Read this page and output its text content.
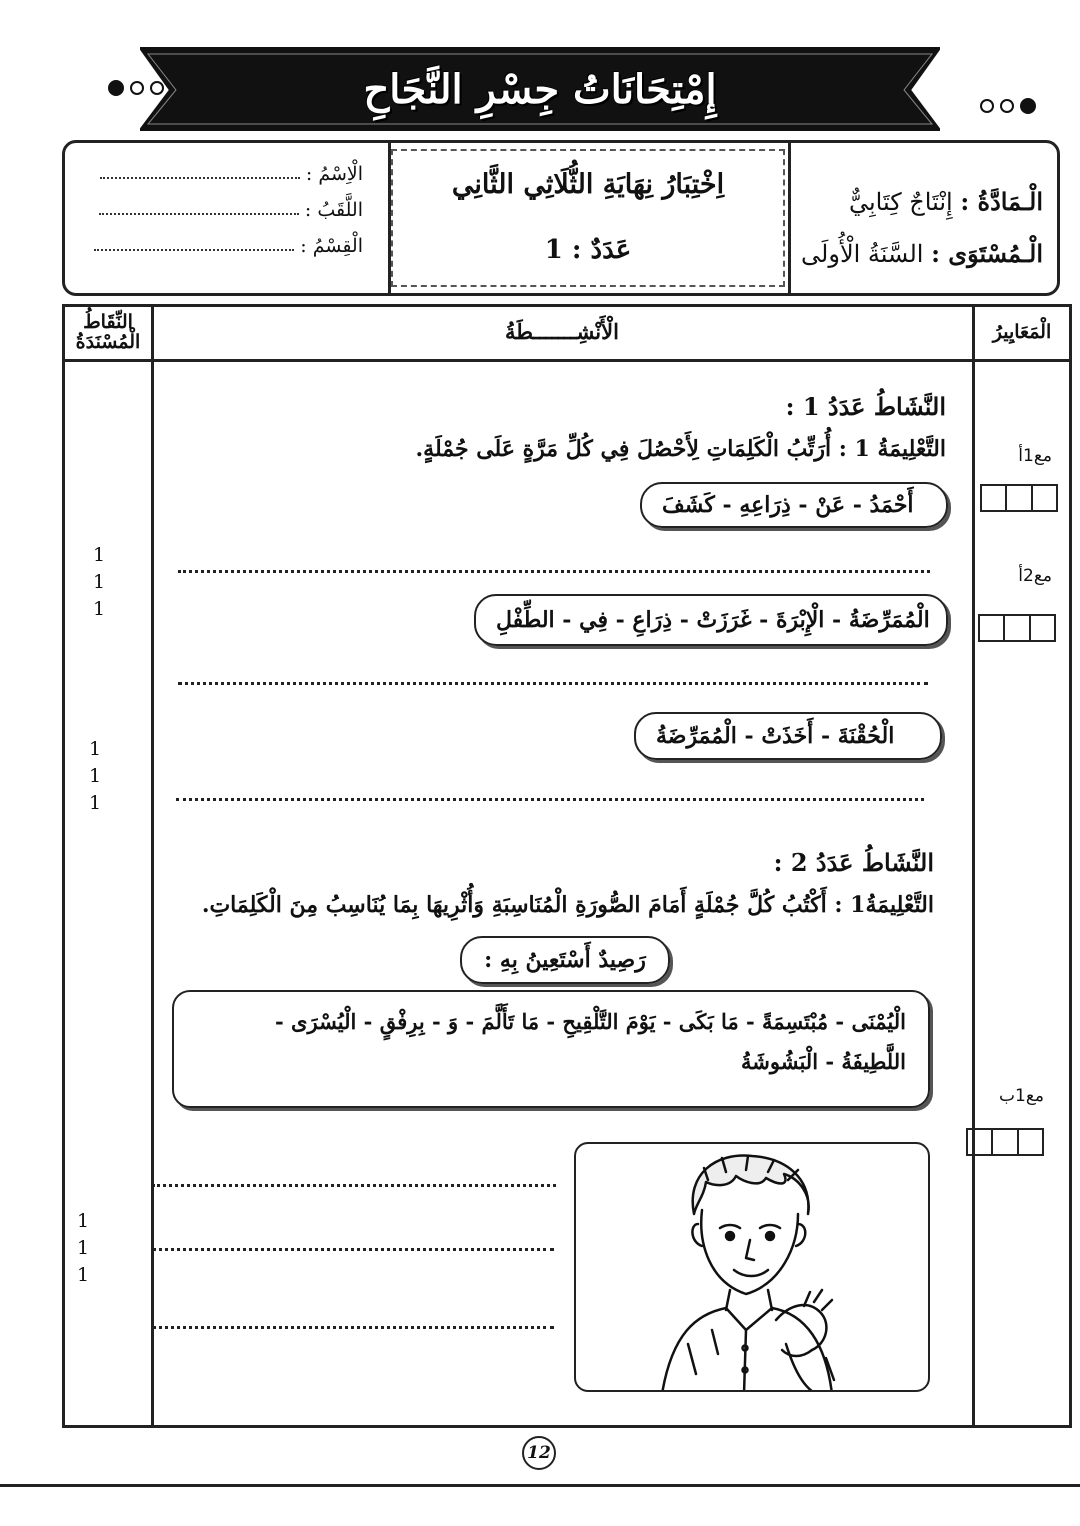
إِمْتِحَانَاتُ جِسْرِ النَّجَاحِ
الْاِسْمُ :
اللَّقَبُ :
الْقِسْمُ :
اِخْتِبَارُ نِهَايَةِ الثُّلَاثِي الثَّانِي
عَدَدٌ : 1
الْـمَادَّةُ : إِنْتَاجٌ كِتَابِيٌّ
الْـمُسْتَوَى : السَّنَةُ الْأُولَى
النِّقَاطُ الْمُسْنَدَةُ	الْأَنْشِـــــــطَةُ	الْمَعَايِيرُ
النَّشَاطُ عَدَدُ 1 :
التَّعْلِيمَةُ 1 : أُرَتِّبُ الْكَلِمَاتِ لِأَحْصُلَ فِي كُلِّ مَرَّةٍ عَلَى جُمْلَةٍ.
أَحْمَدُ - عَنْ - ذِرَاعِهِ - كَشَفَ
الْمُمَرِّضَةُ - الْإِبْرَةَ - غَرَزَتْ - ذِرَاعِ - فِي - الطِّفْلِ
الْحُقْنَةَ - أَخَذَتْ - الْمُمَرِّضَةُ
مع1أ
مع2أ
1
1
1
1
1
1
النَّشَاطُ عَدَدُ 2 :
التَّعْلِيمَةُ1 : أَكْتُبُ كُلَّ جُمْلَةٍ أَمَامَ الصُّورَةِ الْمُنَاسِبَةِ وَأُثْرِيهَا بِمَا يُنَاسِبُ مِنَ الْكَلِمَاتِ.
رَصِيدٌ أَسْتَعِينُ بِهِ :
الْيُمْنَى - مُبْتَسِمَةً - مَا بَكَى - يَوْمَ التَّلْقِيحِ - مَا تَأَلَّمَ - وَ - بِرِفْقٍ - الْيُسْرَى -
اللَّطِيفَةُ - الْبَشُوشَةُ
مع1ب
1
1
1
12
